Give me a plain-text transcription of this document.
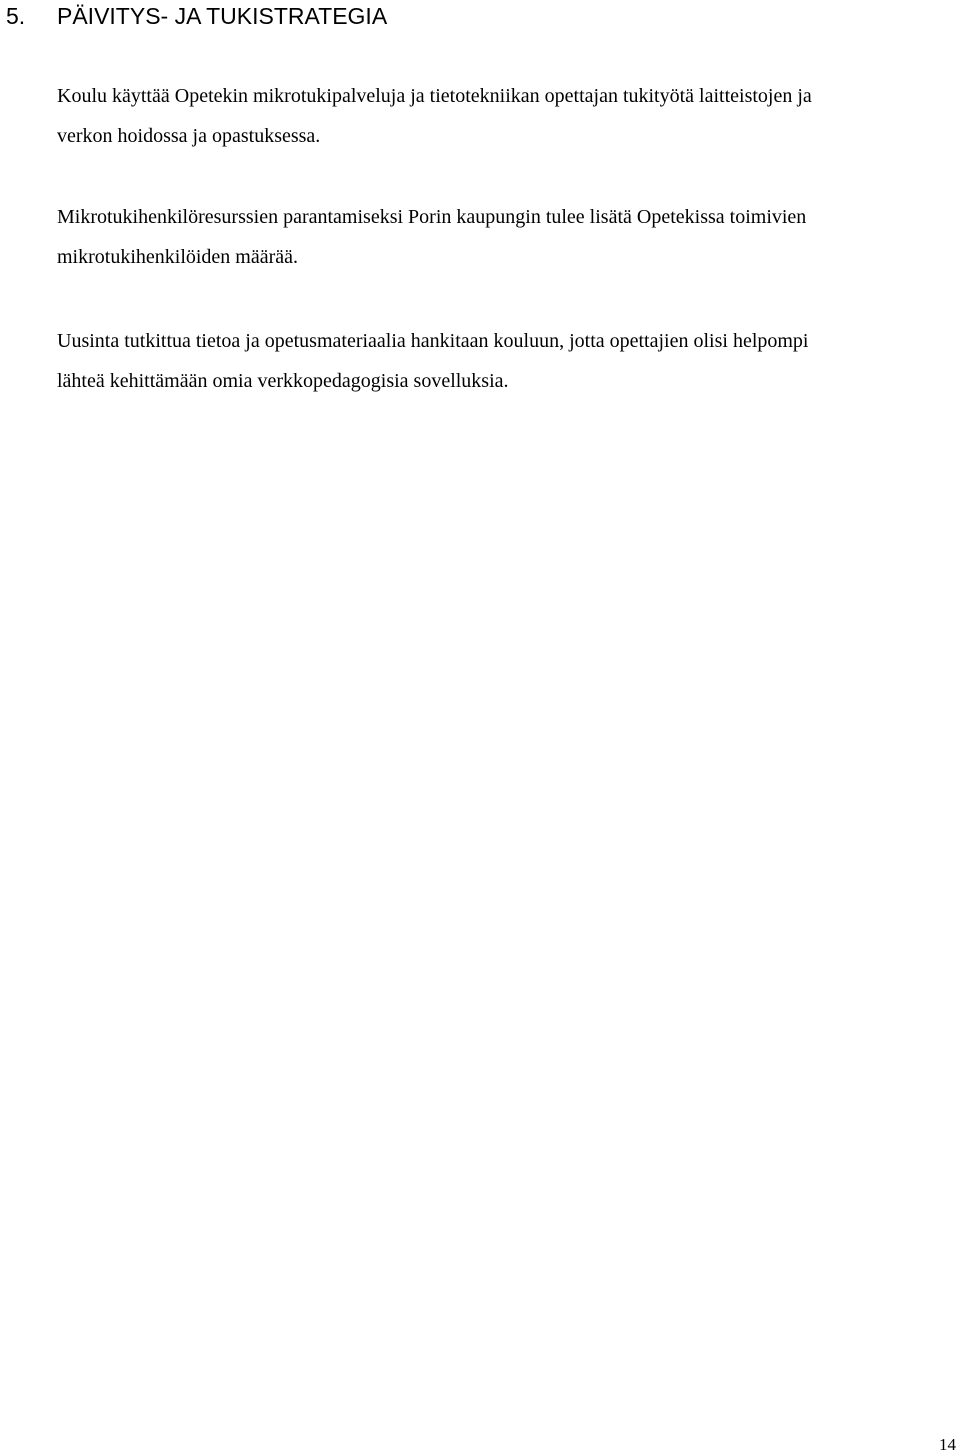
5. PÄIVITYS- JA TUKISTRATEGIA

Koulu käyttää Opetekin mikrotukipalveluja ja tietotekniikan opettajan tukityötä laitteistojen ja
verkon hoidossa ja opastuksessa.

Mikrotukihenkilöresurssien parantamiseksi Porin kaupungin tulee lisätä Opetekissa toimivien
mikrotukihenkilöiden määrää.

Uusinta tutkittua tietoa ja opetusmateriaalia hankitaan kouluun, jotta opettajien olisi helpompi
lähteä kehittämään omia verkkopedagogisia sovelluksia.

14
